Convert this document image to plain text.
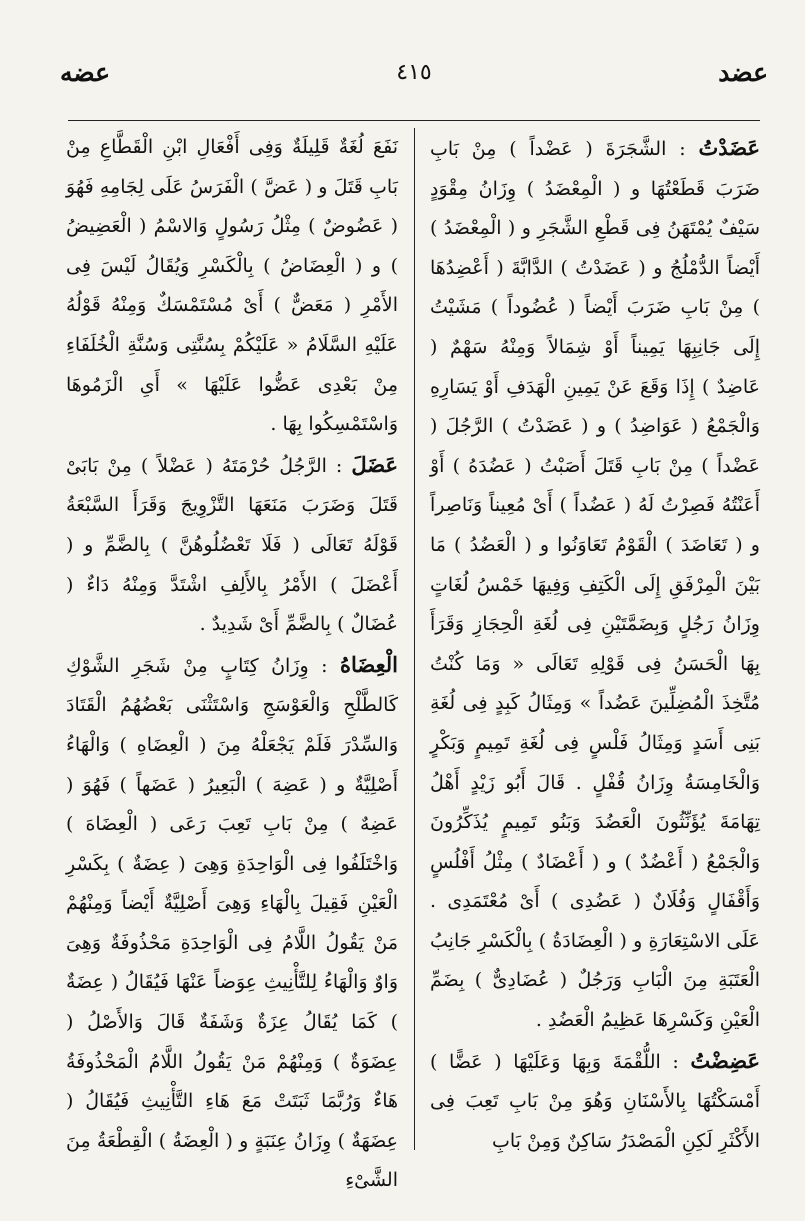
عضد
٤١٥
عضه

عَضَدْتُ : الشَّجَرَةَ ( عَضْداً ) مِنْ بَابِ ضَرَبَ قَطَعْتُهَا و ( الْمِعْضَدُ ) وِزَانُ مِقْوَدٍ سَيْفٌ يُمْتَهَنُ فِى قَطْعِ الشَّجَرِ و ( الْمِعْضَدُ ) أَيْضاً الدُّمْلُجُ و ( عَضَدْتُ ) الدَّابَّةَ ( أَعْضِدُهَا ) مِنْ بَابِ ضَرَبَ أَيْضاً ( عُضُوداً ) مَشَيْتُ إِلَى جَانِبِهَا يَمِيناً أَوْ شِمَالاً وَمِنْهُ سَهْمٌ ( عَاضِدٌ ) إِذَا وَقَعَ عَنْ يَمِينِ الْهَدَفِ أَوْ يَسَارِهِ وَالْجَمْعُ ( عَوَاضِدُ ) و ( عَضَدْتُ ) الرَّجُلَ ( عَضْداً ) مِنْ بَابِ قَتَلَ أَصَبْتُ ( عَضُدَهُ ) أَوْ أَعَنْتُهُ فَصِرْتُ لَهُ ( عَضُداً ) أَىْ مُعِيناً وَنَاصِراً و ( تَعَاضَدَ ) الْقَوْمُ تَعَاوَنُوا و ( الْعَضُدُ ) مَا بَيْنَ الْمِرْفَقِ إِلَى الْكَتِفِ وَفِيهَا خَمْسُ لُغَاتٍ وِزَانُ رَجُلٍ وَبِضَمَّتَيْنِ فِى لُغَةِ الْحِجَازِ وَقَرَأَ بِهَا الْحَسَنُ فِى قَوْلِهِ تَعَالَى « وَمَا كُنْتُ مُتَّخِذَ الْمُضِلِّينَ عَضُداً » وَمِثَالُ كَبِدٍ فِى لُغَةِ بَنِى أَسَدٍ وَمِثَالُ فَلْسٍ فِى لُغَةِ تَمِيمٍ وَبَكْرٍ وَالْخَامِسَةُ وِزَانُ قُفْلٍ . قَالَ أَبُو زَيْدٍ أَهْلُ تِهَامَةَ يُؤَنِّثُونَ الْعَضُدَ وَبَنُو تَمِيمٍ يُذَكِّرُونَ وَالْجَمْعُ ( أَعْضُدٌ ) و ( أَعْضَادٌ ) مِثْلُ أَفْلُسٍ وَأَقْفَالٍ وَفُلَانٌ ( عَضُدِى ) أَىْ مُعْتَمَدِى . عَلَى الاسْتِعَارَةِ و ( الْعِضَادَةُ ) بِالْكَسْرِ جَانِبُ الْعَتَبَةِ مِنَ الْبَابِ وَرَجُلٌ ( عُضَادِىٌّ ) بِضَمِّ الْعَيْنِ وَكَسْرِهَا عَظِيمُ الْعَضُدِ .

عَضِضْتُ : اللُّقْمَةَ وَبِهَا وَعَلَيْهَا ( عَضًّا ) أَمْسَكْتُهَا بِالأَسْنَانِ وَهُوَ مِنْ بَابِ تَعِبَ فِى الأَكْثَرِ لَكِنِ الْمَصْدَرُ سَاكِنٌ وَمِنْ بَابِ

نَفَعَ لُغَةٌ قَلِيلَةٌ وَفِى أَفْعَالِ ابْنِ الْقَطَّاعِ مِنْ بَابِ قَتَلَ و ( عَضَّ ) الْفَرَسُ عَلَى لِجَامِهِ فَهُوَ ( عَضُوضٌ ) مِثْلُ رَسُولٍ وَالاسْمُ ( الْعَضِيضُ ) و ( الْعِضَاضُ ) بِالْكَسْرِ وَيُقَالُ لَيْسَ فِى الأَمْرِ ( مَعَضٌّ ) أَىْ مُسْتَمْسَكٌ وَمِنْهُ قَوْلُهُ عَلَيْهِ السَّلَامُ « عَلَيْكُمْ بِسُنَّتِى وَسُنَّةِ الْخُلَفَاءِ مِنْ بَعْدِى عَضُّوا عَلَيْهَا » أَىِ الْزَمُوهَا وَاسْتَمْسِكُوا بِهَا .

عَضَلَ : الرَّجُلُ حُرْمَتَهُ ( عَضْلاً ) مِنْ بَابَىْ قَتَلَ وَضَرَبَ مَنَعَهَا التَّزْوِيجَ وَقَرَأَ السَّبْعَةُ قَوْلَهُ تَعَالَى ( فَلَا تَعْضُلُوهُنَّ ) بِالضَّمِّ و ( أَعْضَلَ ) الأَمْرُ بِالأَلِفِ اشْتَدَّ وَمِنْهُ دَاءٌ ( عُضَالٌ ) بِالضَّمِّ أَىْ شَدِيدٌ .

الْعِضَاهُ : وِزَانُ كِتَابٍ مِنْ شَجَرِ الشَّوْكِ كَالطَّلْحِ وَالْعَوْسَجِ وَاسْتَثْنَى بَعْضُهُمُ الْقَتَادَ وَالسِّدْرَ فَلَمْ يَجْعَلْهُ مِنَ ( الْعِضَاهِ ) وَالْهَاءُ أَصْلِيَّةٌ و ( عَضِهَ ) الْبَعِيرُ ( عَضَهاً ) فَهُوَ ( عَضِهٌ ) مِنْ بَابِ تَعِبَ رَعَى ( الْعِضَاهَ ) وَاخْتَلَفُوا فِى الْوَاحِدَةِ وَهِىَ ( عِضَةٌ ) بِكَسْرِ الْعَيْنِ فَقِيلَ بِالْهَاءِ وَهِىَ أَصْلِيَّةٌ أَيْضاً وَمِنْهُمْ مَنْ يَقُولُ اللَّامُ فِى الْوَاحِدَةِ مَحْذُوفَةٌ وَهِىَ وَاوٌ وَالْهَاءُ لِلتَّأْنِيثِ عِوَضاً عَنْهَا فَيُقَالُ ( عِضَةٌ ) كَمَا يُقَالُ عِزَةٌ وَشَفَةٌ قَالَ وَالأَصْلُ ( عِضَوَةٌ ) وَمِنْهُمْ مَنْ يَقُولُ اللَّامُ الْمَحْذُوفَةُ هَاءٌ وَرُبَّمَا ثَبَتَتْ مَعَ هَاءِ التَّأْنِيثِ فَيُقَالُ ( عِضَهَةٌ ) وِزَانُ عِنَبَةٍ و ( الْعِضَةُ ) الْقِطْعَةُ مِنَ الشَّىْءِ
